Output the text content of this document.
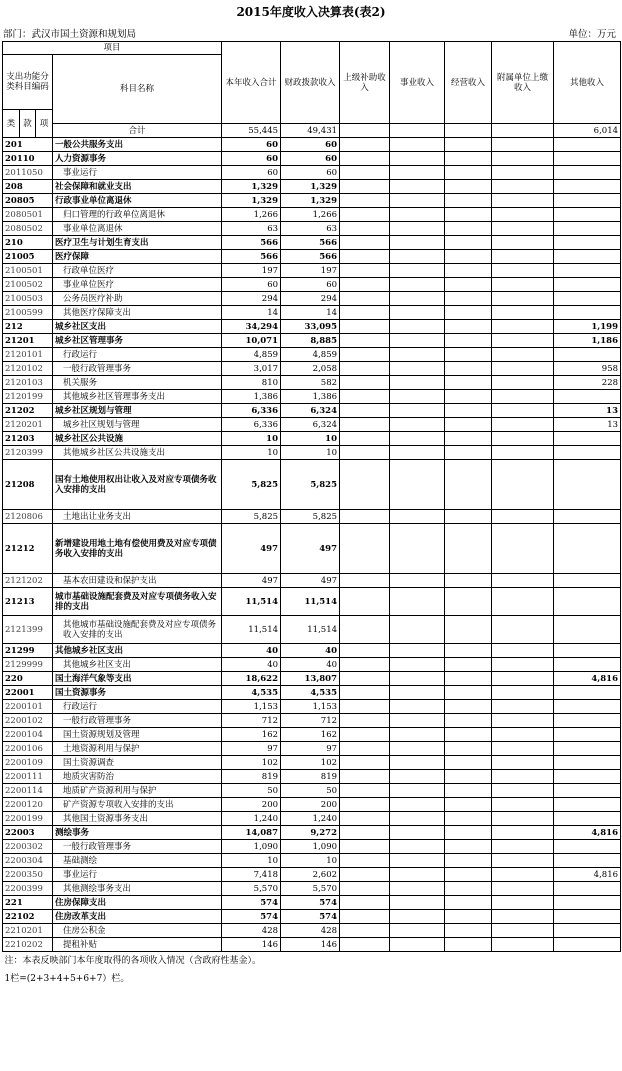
2015年度收入决算表(表2)
部门：武汉市国土资源和规划局	单位：万元
项目				本年收入合计	财政拨款收入	上级补助收入	事业收入	经营收入	附属单位上缴收入	其他收入	
支出功能分类科目编码			科目名称								
类	款	项								
			合计	55,445	49,431					6,014	
201			一般公共服务支出	60	60						
20110			人力资源事务	60	60						
2011050			事业运行	60	60						
208			社会保障和就业支出	1,329	1,329						
20805			行政事业单位离退休	1,329	1,329						
2080501			归口管理的行政单位离退休	1,266	1,266						
2080502			事业单位离退休	63	63						
210			医疗卫生与计划生育支出	566	566						
21005			医疗保障	566	566						
2100501			行政单位医疗	197	197						
2100502			事业单位医疗	60	60						
2100503			公务员医疗补助	294	294						
2100599			其他医疗保障支出	14	14						
212			城乡社区支出	34,294	33,095					1,199	
21201			城乡社区管理事务	10,071	8,885					1,186	
2120101			行政运行	4,859	4,859						
2120102			一般行政管理事务	3,017	2,058					958	
2120103			机关服务	810	582					228	
2120199			其他城乡社区管理事务支出	1,386	1,386						
21202			城乡社区规划与管理	6,336	6,324					13	
2120201			城乡社区规划与管理	6,336	6,324					13	
21203			城乡社区公共设施	10	10						
2120399			其他城乡社区公共设施支出	10	10						
21208			国有土地使用权出让收入及对应专项债务收入安排的支出	5,825	5,825						
2120806			土地出让业务支出	5,825	5,825						
21212			新增建设用地土地有偿使用费及对应专项债务收入安排的支出	497	497						
2121202			基本农田建设和保护支出	497	497						
21213			城市基础设施配套费及对应专项债务收入安排的支出	11,514	11,514						
2121399			其他城市基础设施配套费及对应专项债务收入安排的支出	11,514	11,514						
21299			其他城乡社区支出	40	40						
2129999			其他城乡社区支出	40	40						
220			国土海洋气象等支出	18,622	13,807					4,816	
22001			国土资源事务	4,535	4,535						
2200101			行政运行	1,153	1,153						
2200102			一般行政管理事务	712	712						
2200104			国土资源规划及管理	162	162						
2200106			土地资源利用与保护	97	97						
2200109			国土资源调查	102	102						
2200111			地质灾害防治	819	819						
2200114			地质矿产资源利用与保护	50	50						
2200120			矿产资源专项收入安排的支出	200	200						
2200199			其他国土资源事务支出	1,240	1,240						
22003			测绘事务	14,087	9,272					4,816	
2200302			一般行政管理事务	1,090	1,090						
2200304			基础测绘	10	10						
2200350			事业运行	7,418	2,602					4,816	
2200399			其他测绘事务支出	5,570	5,570						
221			住房保障支出	574	574						
22102			住房改革支出	574	574						
2210201			住房公积金	428	428						
2210202			提租补贴	146	146						
注：本表反映部门本年度取得的各项收入情况（含政府性基金）。											
1栏=(2+3+4+5+6+7）栏。											
